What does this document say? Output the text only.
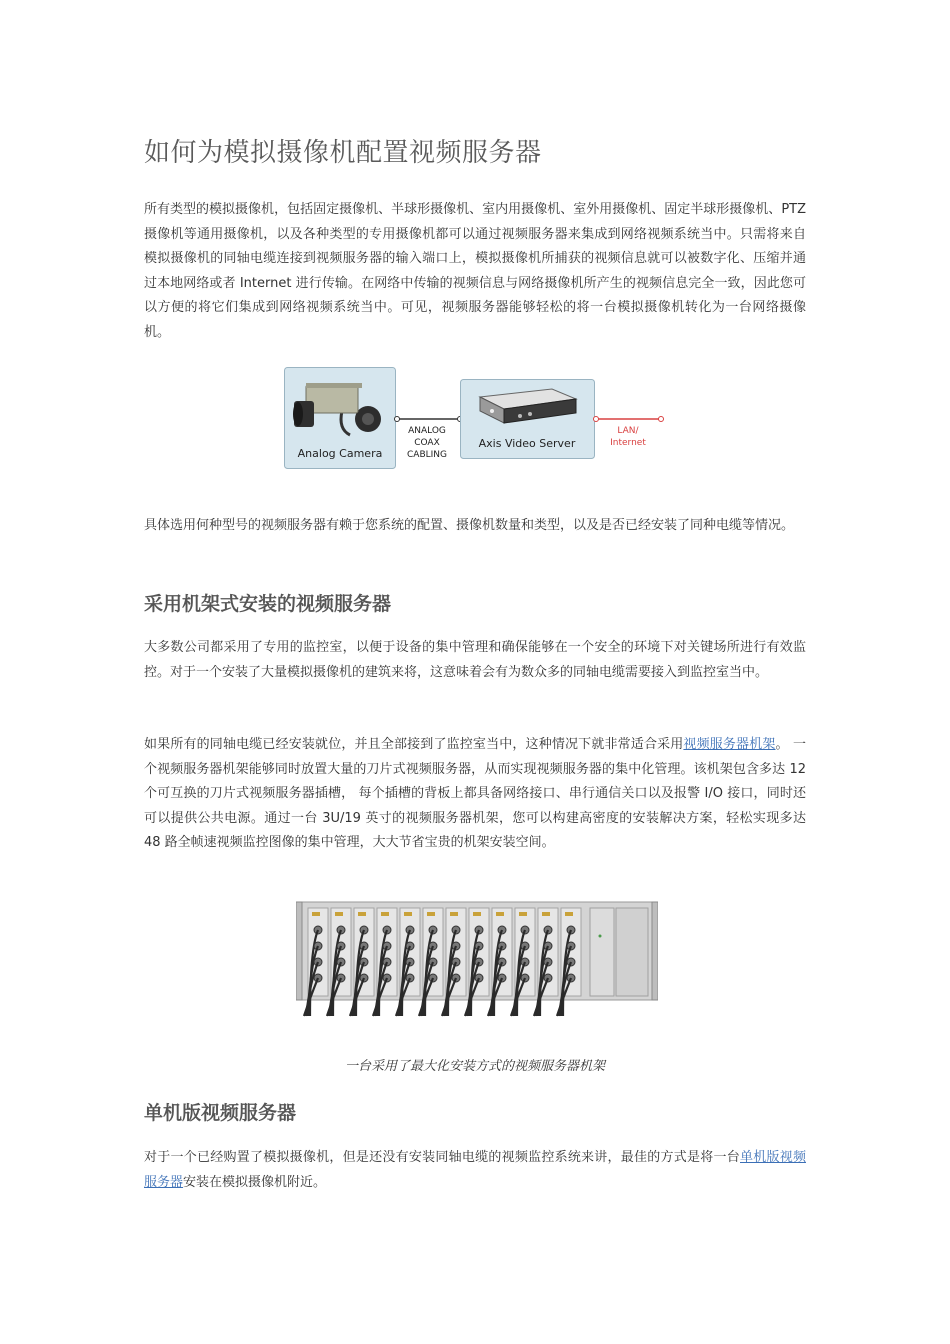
如何为模拟摄像机配置视频服务器

所有类型的模拟摄像机，包括固定摄像机、半球形摄像机、室内用摄像机、室外用摄像机、固定半球形摄像机、PTZ 摄像机等通用摄像机，以及各种类型的专用摄像机都可以通过视频服务器来集成到网络视频系统当中。只需将来自模拟摄像机的同轴电缆连接到视频服务器的输入端口上，模拟摄像机所捕获的视频信息就可以被数字化、压缩并通过本地网络或者 Internet 进行传输。在网络中传输的视频信息与网络摄像机所产生的视频信息完全一致，因此您可以方便的将它们集成到网络视频系统当中。可见，视频服务器能够轻松的将一台模拟摄像机转化为一台网络摄像机。

具体选用何种型号的视频服务器有赖于您系统的配置、摄像机数量和类型，以及是否已经安装了同种电缆等情况。

采用机架式安装的视频服务器

大多数公司都采用了专用的监控室，以便于设备的集中管理和确保能够在一个安全的环境下对关键场所进行有效监控。对于一个安装了大量模拟摄像机的建筑来将，这意味着会有为数众多的同轴电缆需要接入到监控室当中。

如果所有的同轴电缆已经安装就位，并且全部接到了监控室当中，这种情况下就非常适合采用视频服务器机架。 一个视频服务器机架能够同时放置大量的刀片式视频服务器，从而实现视频服务器的集中化管理。该机架包含多达 12 个可互换的刀片式视频服务器插槽， 每个插槽的背板上都具备网络接口、串行通信关口以及报警 I/O 接口，同时还可以提供公共电源。通过一台 3U/19 英寸的视频服务器机架，您可以构建高密度的安装解决方案，轻松实现多达 48 路全帧速视频监控图像的集中管理，大大节省宝贵的机架安装空间。

一台采用了最大化安装方式的视频服务器机架

单机版视频服务器

对于一个已经购置了模拟摄像机，但是还没有安装同轴电缆的视频监控系统来讲，最佳的方式是将一台单机版视频服务器安装在模拟摄像机附近。

Analog Camera
ANALOG
COAX
CABLING
Axis Video Server
LAN/
Internet
